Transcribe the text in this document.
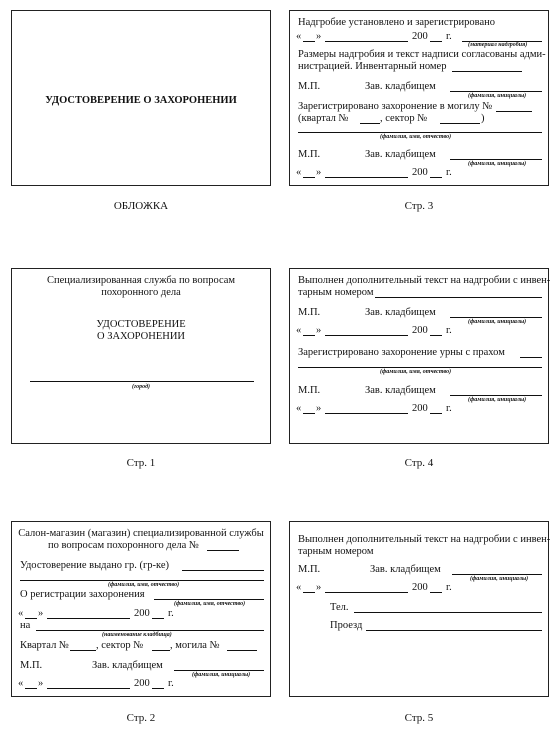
УДОСТОВЕРЕНИЕ О ЗАХОРОНЕНИИ
ОБЛОЖКА
Надгробие установлено и зарегистрировано
« »	200 г.
(материал надгробия)
Размеры надгробия и текст надписи согласованы адми-
нистрацией. Инвентарный номер
М.П.	Зав. кладбищем
(фамилия, инициалы)
Зарегистрировано захоронение в могилу №
(квартал №	, сектор №	)
(фамилия, имя, отчество)
М.П.	Зав. кладбищем
(фамилия, инициалы)
« »	200 г.
Стр. 3
Специализированная служба по вопросам
похоронного дела
УДОСТОВЕРЕНИЕ
О ЗАХОРОНЕНИИ
(город)
Стр. 1
Выполнен дополнительный текст на надгробии с инвен-
тарным номером
М.П.	Зав. кладбищем
(фамилия, инициалы)
« »	200 г.
Зарегистрировано захоронение урны с прахом
(фамилия, имя, отчество)
М.П.	Зав. кладбищем
(фамилия, инициалы)
« »	200 г.
Стр. 4
Салон-магазин (магазин) специализированной службы
по вопросам похоронного дела №
Удостоверение выдано гр. (гр-ке)
(фамилия, имя, отчество)
О регистрации захоронения
(фамилия, имя, отчество)
« »	200 г.
на
(наименование кладбища)
Квартал №	, сектор №	, могила №
М.П.	Зав. кладбищем
(фамилия, инициалы)
« »	200 г.
Стр. 2
Выполнен дополнительный текст на надгробии с инвен-
тарным номером
М.П.	Зав. кладбищем
(фамилия, инициалы)
« »	200 г.
Тел.
Проезд
Стр. 5
